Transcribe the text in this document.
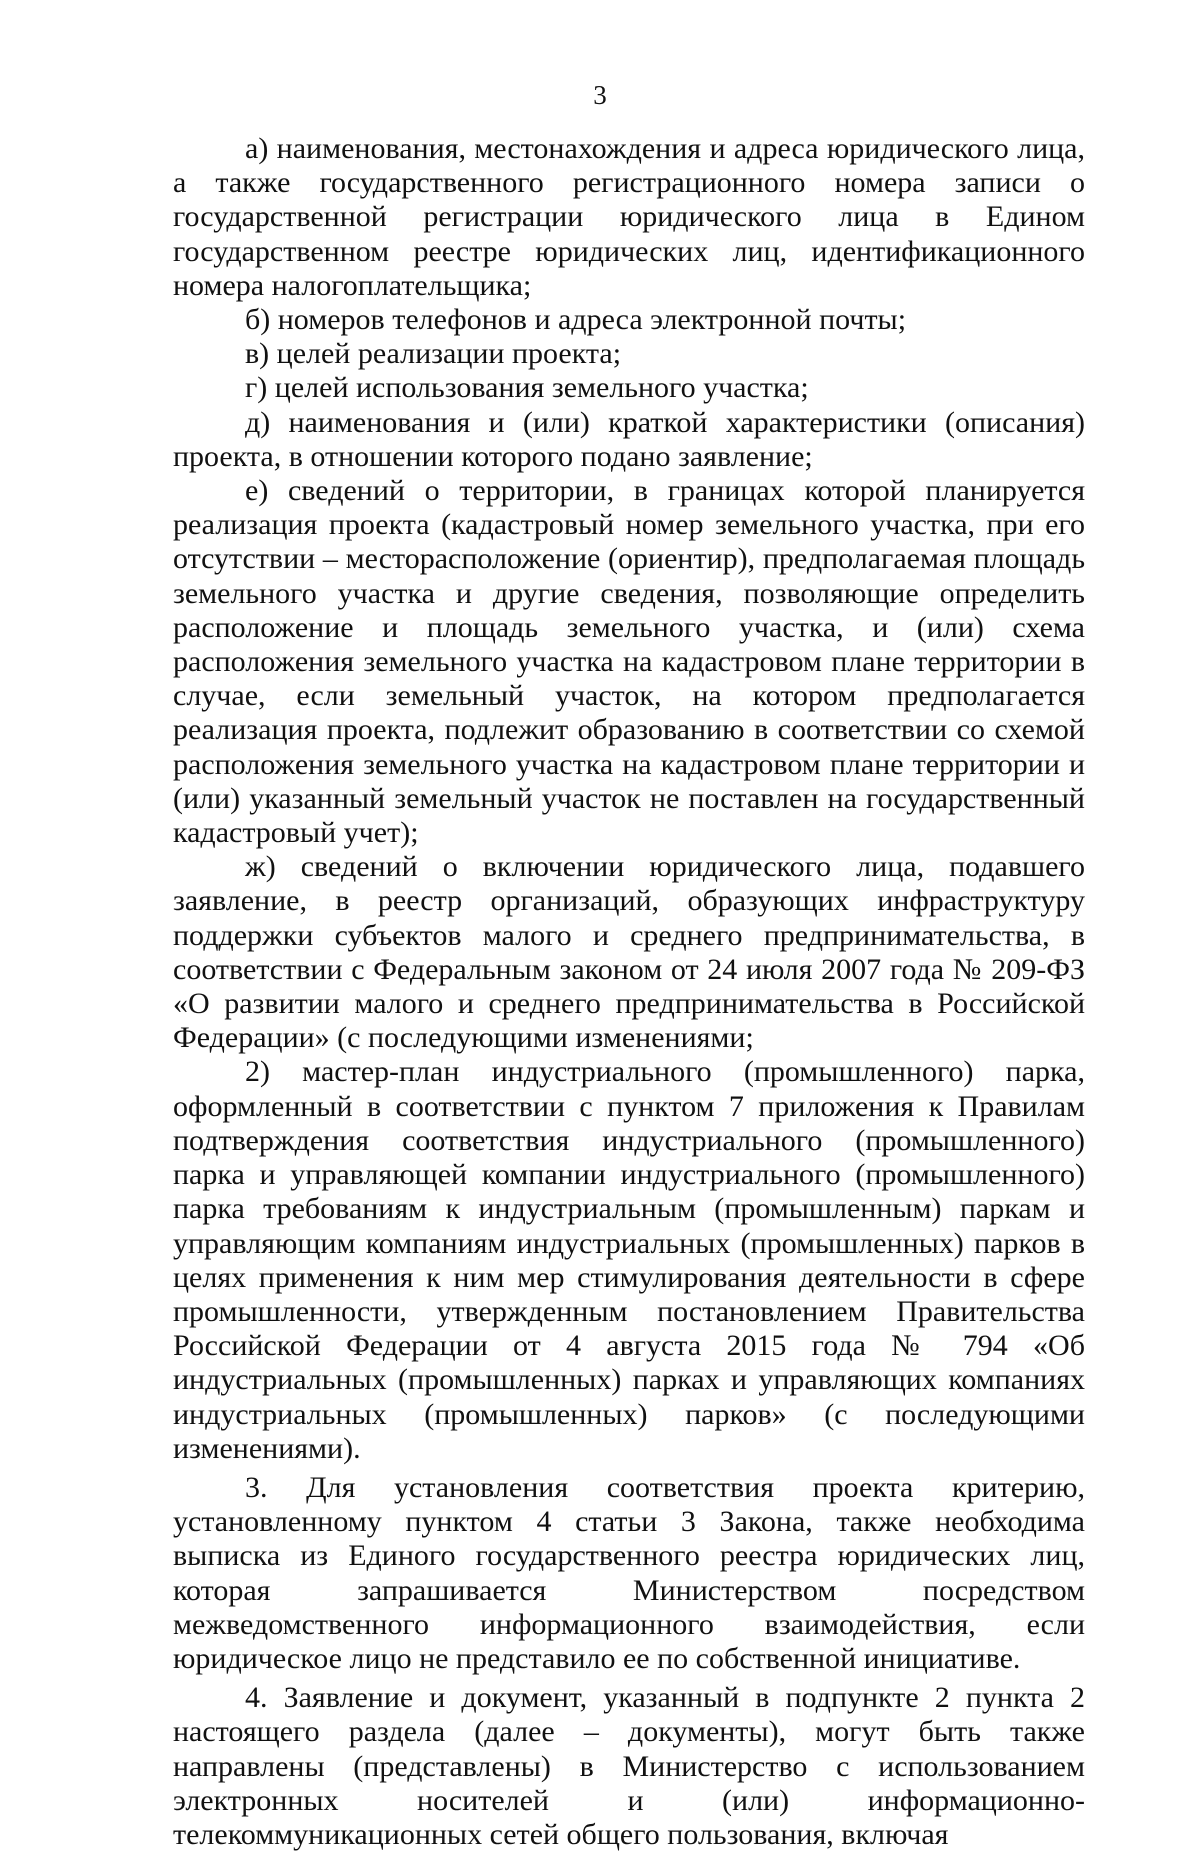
3

а) наименования, местонахождения и адреса юридического лица, а также государственного регистрационного номера записи о государственной регистрации юридического лица в Едином государственном реестре юридических лиц, идентификационного номера налогоплательщика;

б) номеров телефонов и адреса электронной почты;

в) целей реализации проекта;

г) целей использования земельного участка;

д) наименования и (или) краткой характеристики (описания) проекта, в отношении которого подано заявление;

е) сведений о территории, в границах которой планируется реализация проекта (кадастровый номер земельного участка, при его отсутствии – месторасположение (ориентир), предполагаемая площадь земельного участка и другие сведения, позволяющие определить расположение и площадь земельного участка, и (или) схема расположения земельного участка на кадастровом плане территории в случае, если земельный участок, на котором предполагается реализация проекта, подлежит образованию в соответствии со схемой расположения земельного участка на кадастровом плане территории и (или) указанный земельный участок не поставлен на государственный кадастровый учет);

ж) сведений о включении юридического лица, подавшего заявление, в реестр организаций, образующих инфраструктуру поддержки субъектов малого и среднего предпринимательства, в соответствии с Федеральным законом от 24 июля 2007 года № 209-ФЗ «О развитии малого и среднего предпринимательства в Российской Федерации» (с последующими изменениями;

2) мастер-план индустриального (промышленного) парка, оформленный в соответствии с пунктом 7 приложения к Правилам подтверждения соответствия индустриального (промышленного) парка и управляющей компании индустриального (промышленного) парка требованиям к индустриальным (промышленным) паркам и управляющим компаниям индустриальных (промышленных) парков в целях применения к ним мер стимулирования деятельности в сфере промышленности, утвержденным постановлением Правительства Российской Федерации от 4 августа 2015 года № 794 «Об индустриальных (промышленных) парках и управляющих компаниях индустриальных (промышленных) парков» (с последующими изменениями).

3. Для установления соответствия проекта критерию, установленному пунктом 4 статьи 3 Закона, также необходима выписка из Единого государственного реестра юридических лиц, которая запрашивается Министерством посредством межведомственного информационного взаимодействия, если юридическое лицо не представило ее по собственной инициативе.

4. Заявление и документ, указанный в подпункте 2 пункта 2 настоящего раздела (далее – документы), могут быть также направлены (представлены) в Министерство с использованием электронных носителей и (или) информационно-телекоммуникационных сетей общего пользования, включая
